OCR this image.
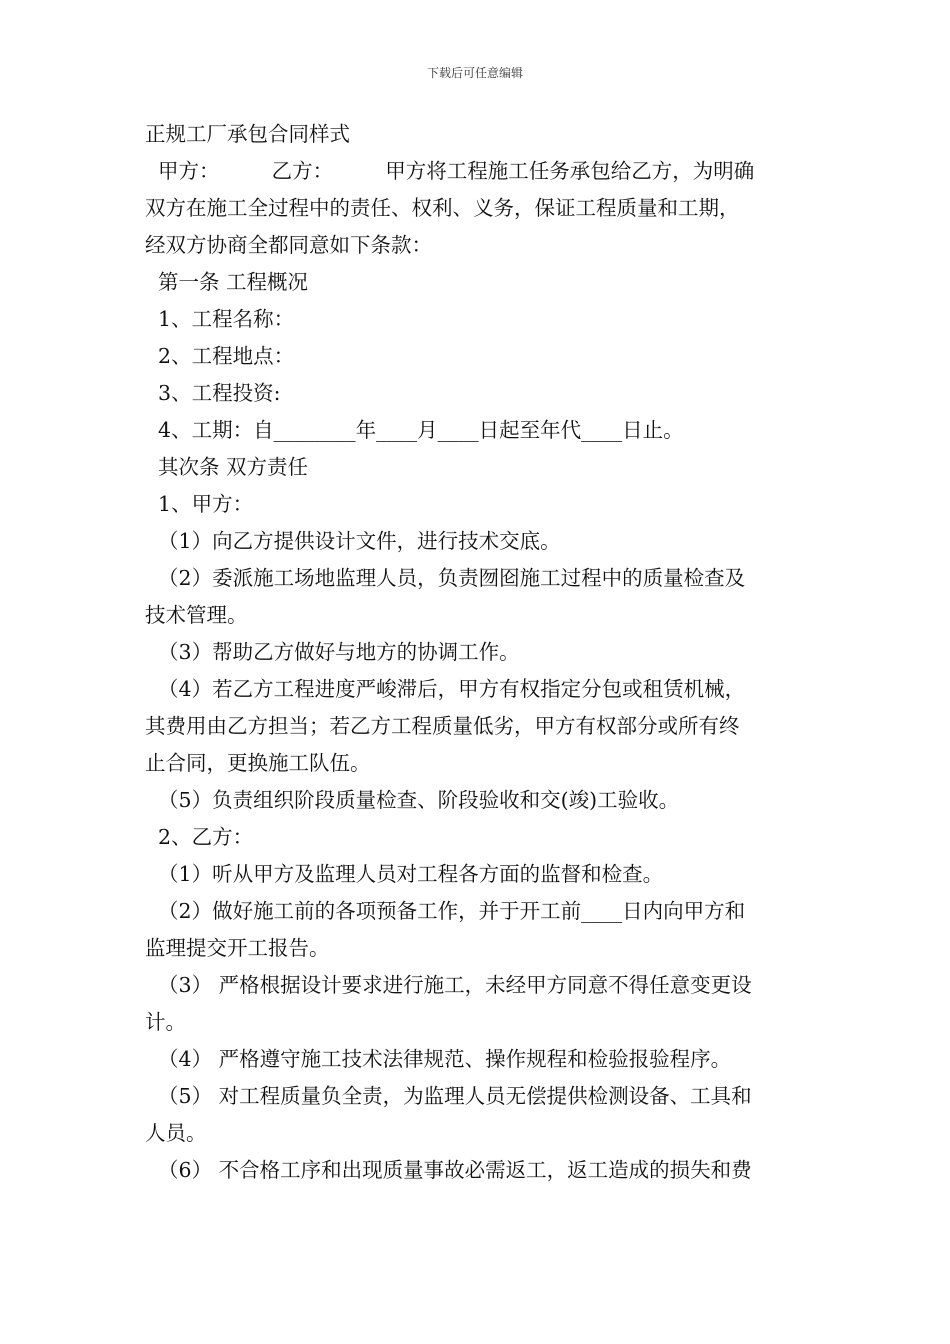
下载后可任意编辑
正规工厂承包合同样式
甲方：        乙方：        甲方将工程施工任务承包给乙方，为明确
双方在施工全过程中的责任、权利、义务，保证工程质量和工期，
经双方协商全都同意如下条款：
第一条 工程概况
1、工程名称：
2、工程地点：
3、工程投资:
4、工期：自________年____月____日起至年代____日止。
其次条 双方责任
1、甲方：
（1）向乙方提供设计文件，进行技术交底。
（2）委派施工场地监理人员，负责囫囵施工过程中的质量检查及
技术管理。
（3）帮助乙方做好与地方的协调工作。
（4）若乙方工程进度严峻滞后，甲方有权指定分包或租赁机械，
其费用由乙方担当；若乙方工程质量低劣，甲方有权部分或所有终
止合同，更换施工队伍。
（5）负责组织阶段质量检查、阶段验收和交(竣)工验收。
2、乙方：
（1）听从甲方及监理人员对工程各方面的监督和检查。
（2）做好施工前的各项预备工作，并于开工前____日内向甲方和
监理提交开工报告。
（3） 严格根据设计要求进行施工，未经甲方同意不得任意变更设
计。
（4） 严格遵守施工技术法律规范、操作规程和检验报验程序。
（5） 对工程质量负全责，为监理人员无偿提供检测设备、工具和
人员。
（6） 不合格工序和出现质量事故必需返工，返工造成的损失和费
